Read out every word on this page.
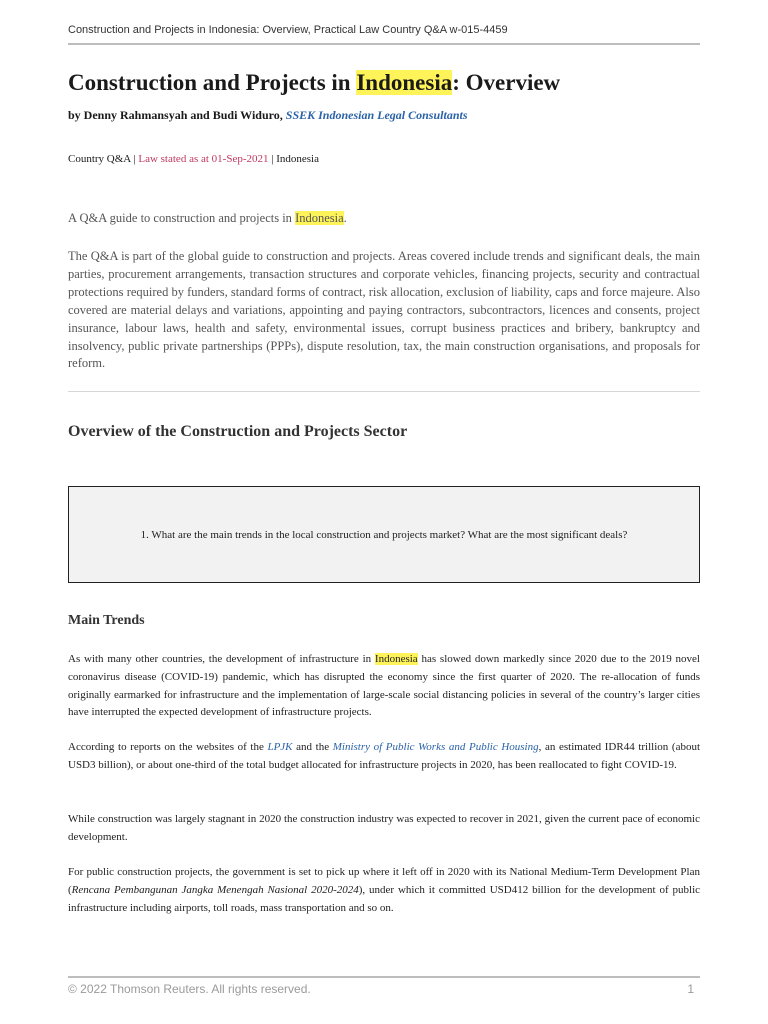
Construction and Projects in Indonesia: Overview, Practical Law Country Q&A w-015-4459
Construction and Projects in Indonesia: Overview
by Denny Rahmansyah and Budi Widuro, SSEK Indonesian Legal Consultants
Country Q&A | Law stated as at 01-Sep-2021 | Indonesia
A Q&A guide to construction and projects in Indonesia.
The Q&A is part of the global guide to construction and projects. Areas covered include trends and significant deals, the main parties, procurement arrangements, transaction structures and corporate vehicles, financing projects, security and contractual protections required by funders, standard forms of contract, risk allocation, exclusion of liability, caps and force majeure. Also covered are material delays and variations, appointing and paying contractors, subcontractors, licences and consents, project insurance, labour laws, health and safety, environmental issues, corrupt business practices and bribery, bankruptcy and insolvency, public private partnerships (PPPs), dispute resolution, tax, the main construction organisations, and proposals for reform.
Overview of the Construction and Projects Sector
1. What are the main trends in the local construction and projects market? What are the most significant deals?
Main Trends

As with many other countries, the development of infrastructure in Indonesia has slowed down markedly since 2020 due to the 2019 novel coronavirus disease (COVID-19) pandemic, which has disrupted the economy since the first quarter of 2020. The re-allocation of funds originally earmarked for infrastructure and the implementation of large-scale social distancing policies in several of the country’s larger cities have interrupted the expected development of infrastructure projects.

According to reports on the websites of the LPJK and the Ministry of Public Works and Public Housing, an estimated IDR44 trillion (about USD3 billion), or about one-third of the total budget allocated for infrastructure projects in 2020, has been reallocated to fight COVID-19.

While construction was largely stagnant in 2020 the construction industry was expected to recover in 2021, given the current pace of economic development.

For public construction projects, the government is set to pick up where it left off in 2020 with its National Medium-Term Development Plan (Rencana Pembangunan Jangka Menengah Nasional 2020-2024), under which it committed USD412 billion for the development of public infrastructure including airports, toll roads, mass transportation and so on.

© 2022 Thomson Reuters. All rights reserved.	1
